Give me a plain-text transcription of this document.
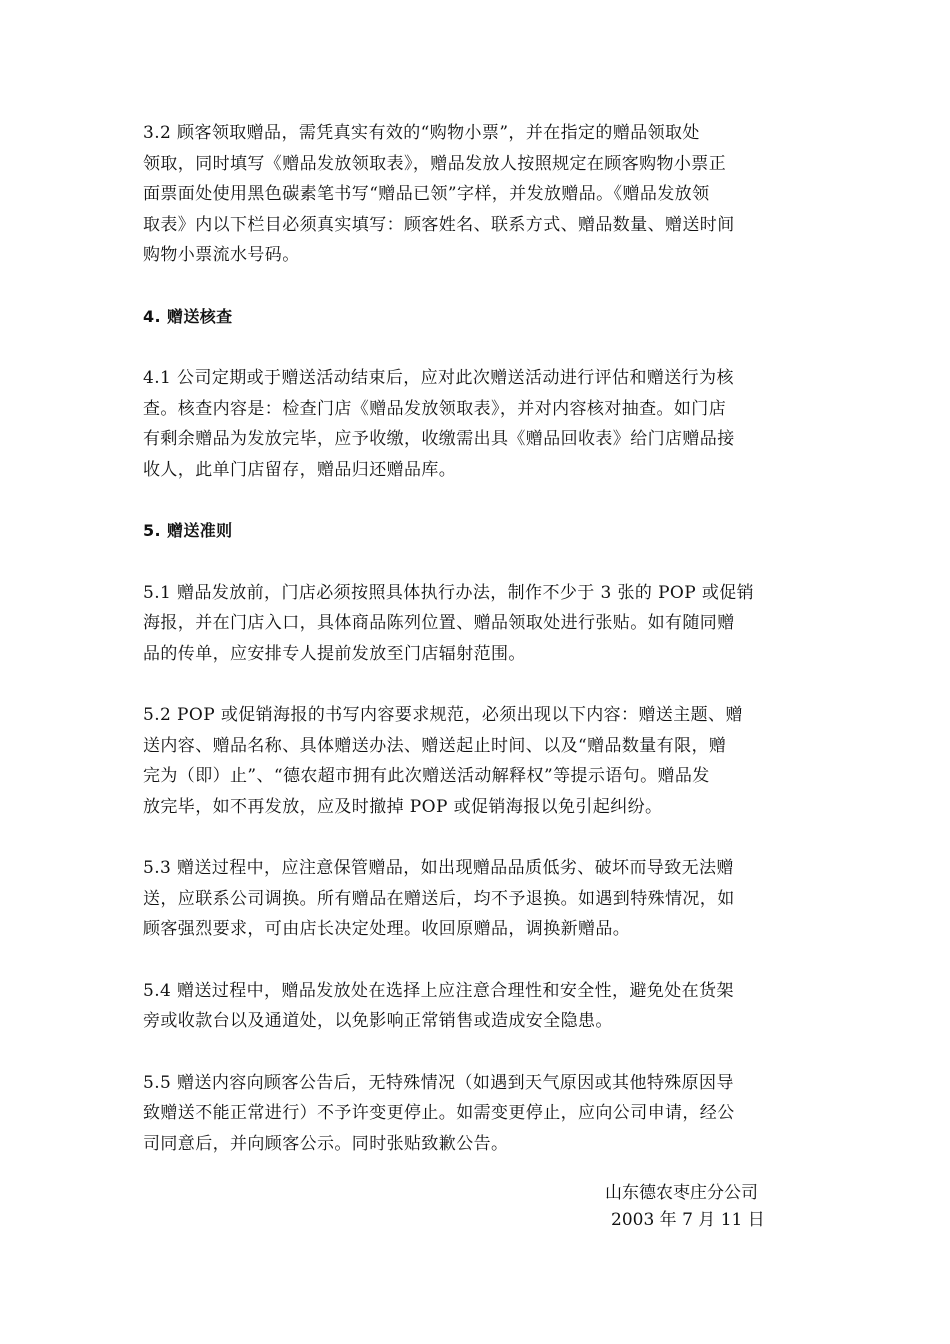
3.2 顾客领取赠品，需凭真实有效的“购物小票”，并在指定的赠品领取处
领取，同时填写《赠品发放领取表》，赠品发放人按照规定在顾客购物小票正
面票面处使用黑色碳素笔书写“赠品已领”字样，并发放赠品。《赠品发放领
取表》内以下栏目必须真实填写：顾客姓名、联系方式、赠品数量、赠送时间
购物小票流水号码。

4. 赠送核查

4.1 公司定期或于赠送活动结束后，应对此次赠送活动进行评估和赠送行为核
查。核查内容是：检查门店《赠品发放领取表》，并对内容核对抽查。如门店
有剩余赠品为发放完毕，应予收缴，收缴需出具《赠品回收表》给门店赠品接
收人，此单门店留存，赠品归还赠品库。

5. 赠送准则

5.1 赠品发放前，门店必须按照具体执行办法，制作不少于 3 张的 POP 或促销
海报，并在门店入口，具体商品陈列位置、赠品领取处进行张贴。如有随同赠
品的传单，应安排专人提前发放至门店辐射范围。

5.2 POP 或促销海报的书写内容要求规范，必须出现以下内容：赠送主题、赠
送内容、赠品名称、具体赠送办法、赠送起止时间、以及“赠品数量有限，赠
完为（即）止”、“德农超市拥有此次赠送活动解释权”等提示语句。赠品发
放完毕，如不再发放，应及时撤掉 POP 或促销海报以免引起纠纷。

5.3 赠送过程中，应注意保管赠品，如出现赠品品质低劣、破坏而导致无法赠
送，应联系公司调换。所有赠品在赠送后，均不予退换。如遇到特殊情况，如
顾客强烈要求，可由店长决定处理。收回原赠品，调换新赠品。

5.4 赠送过程中，赠品发放处在选择上应注意合理性和安全性，避免处在货架
旁或收款台以及通道处，以免影响正常销售或造成安全隐患。

5.5 赠送内容向顾客公告后，无特殊情况（如遇到天气原因或其他特殊原因导
致赠送不能正常进行）不予许变更停止。如需变更停止，应向公司申请，经公
司同意后，并向顾客公示。同时张贴致歉公告。

山东德农枣庄分公司
2003 年 7 月 11 日
